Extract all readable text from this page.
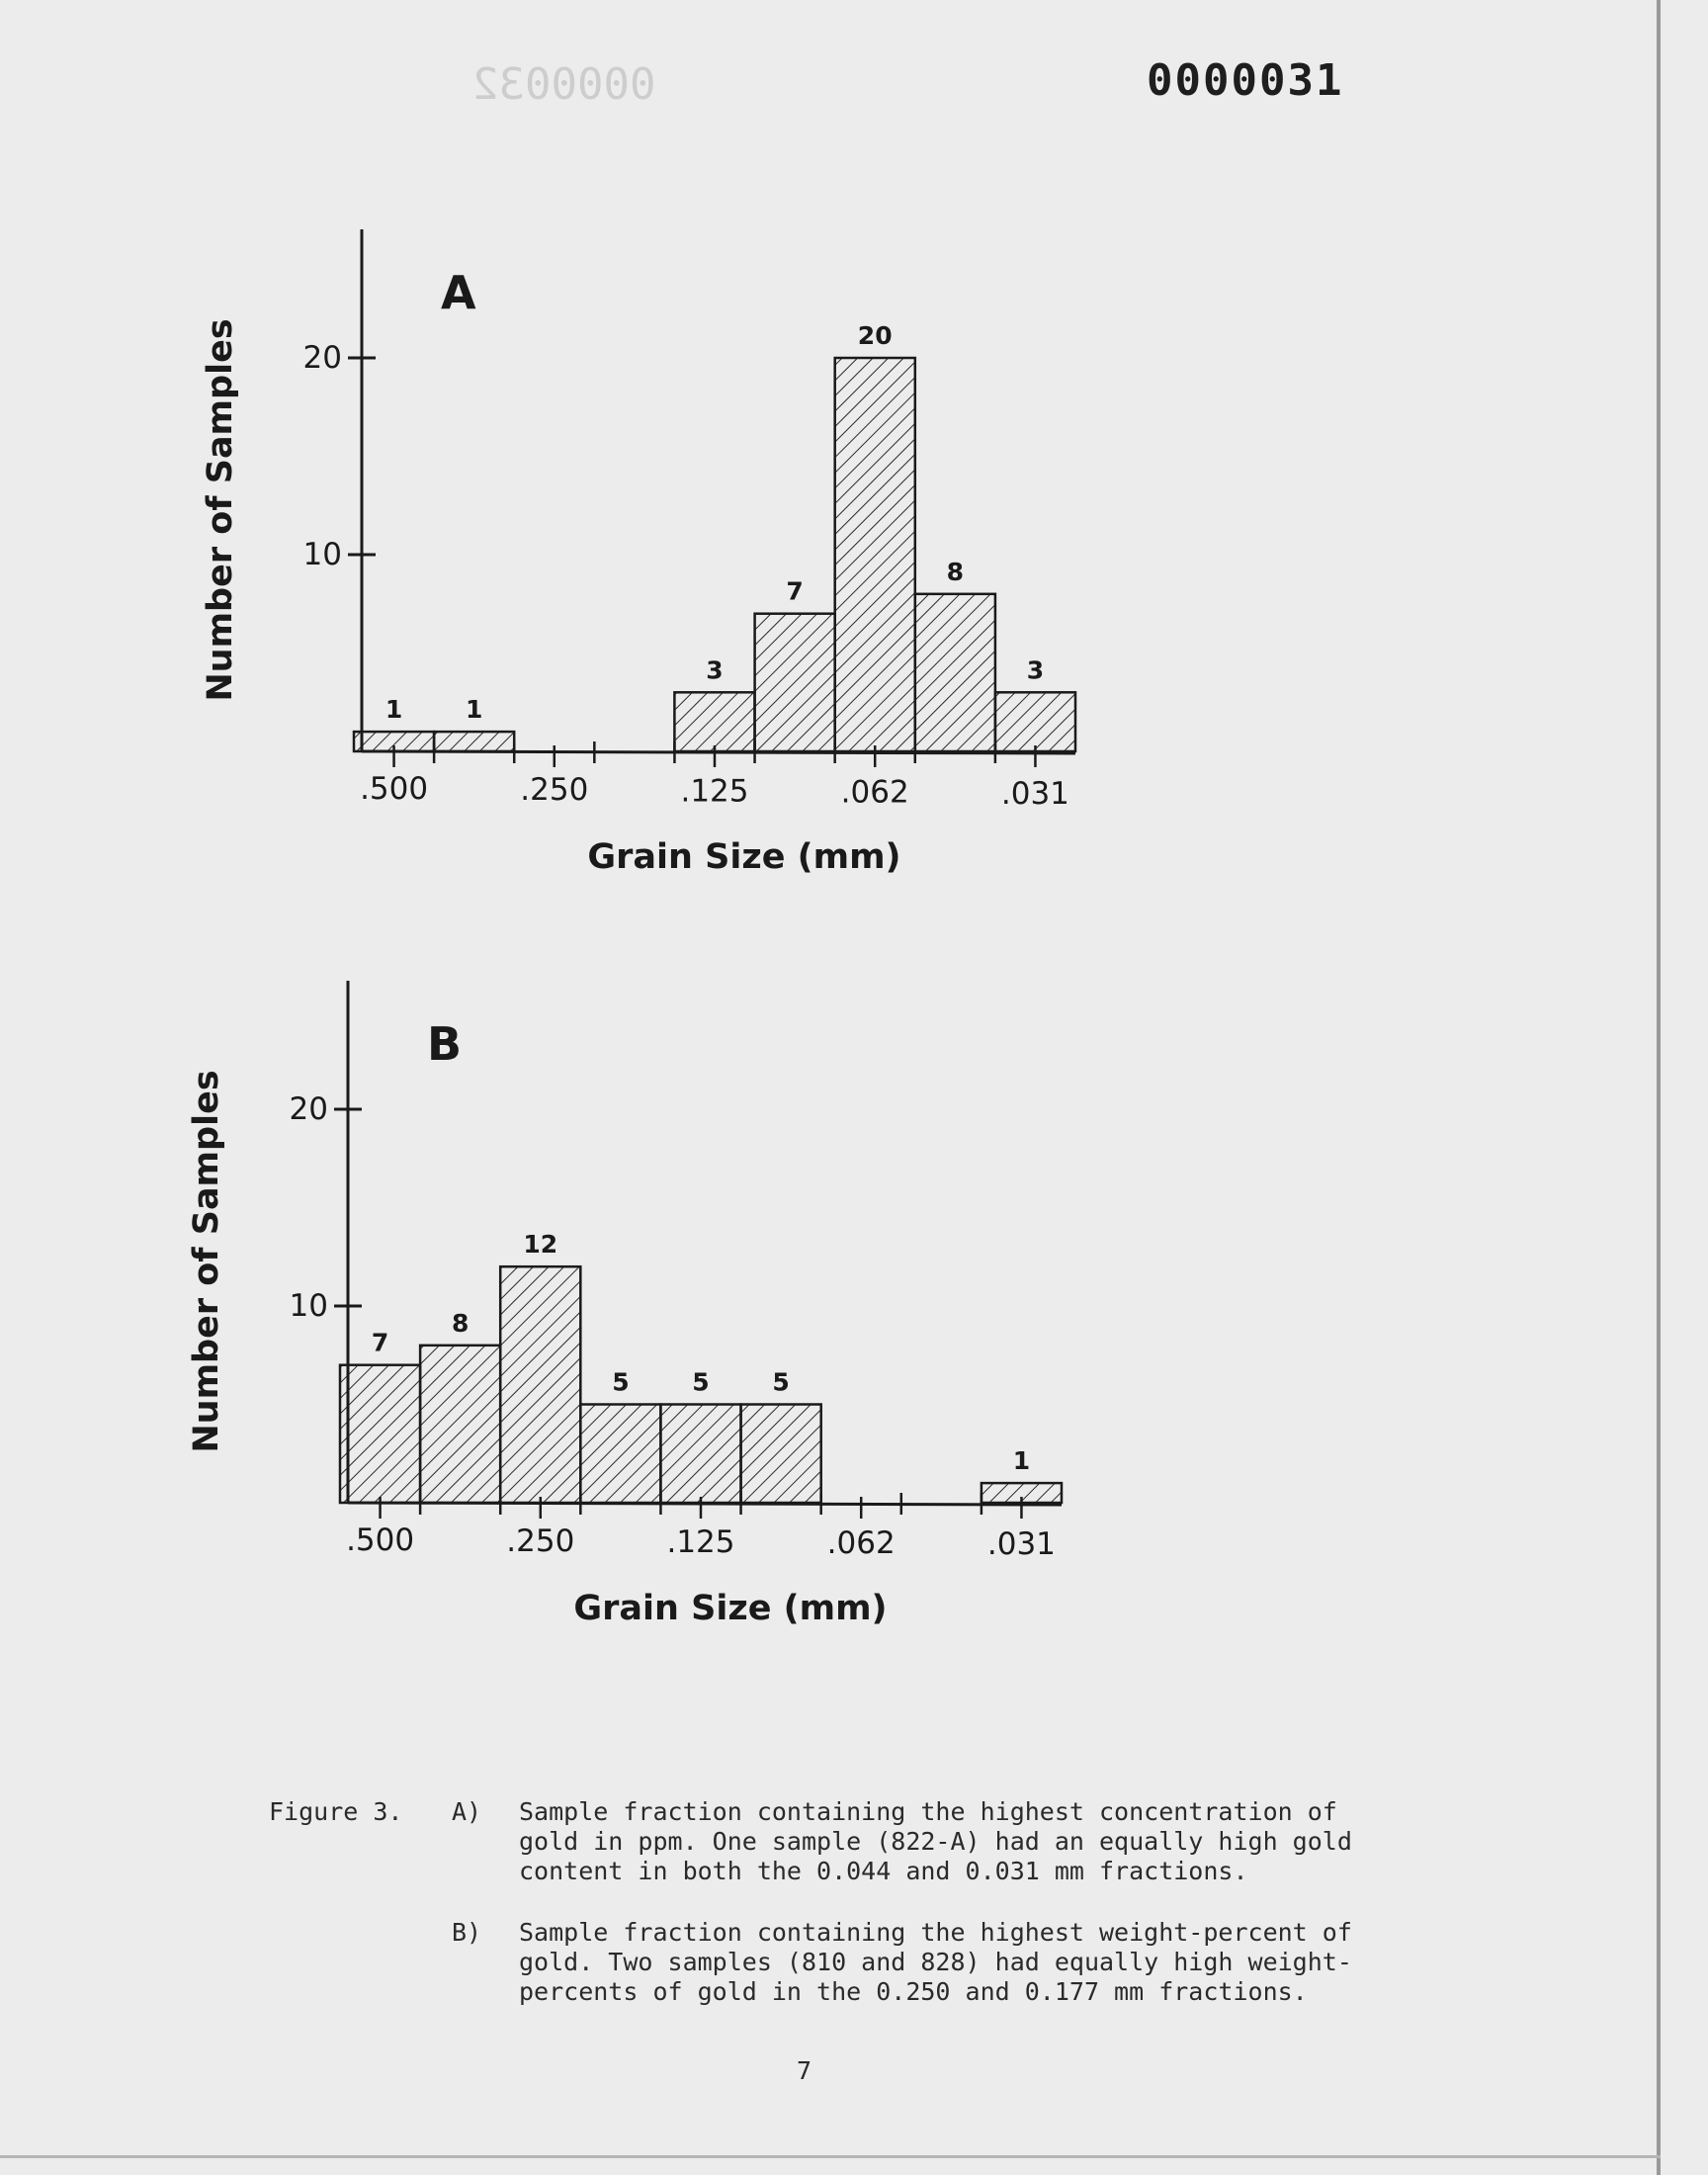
0000032	0000031
1	1
3
7
20
8
3
10
20
.500	.250	.125	.062	.031
A
Grain Size (mm)
Number of Samples
7
8
12
5	5	5
1
10
20
.500	.250	.125	.062	.031
B
Grain Size (mm)
Number of Samples
Figure 3.	A)	Sample fraction containing the highest concentration of
gold in ppm. One sample (822-A) had an equally high gold
content in both the 0.044 and 0.031 mm fractions.
B)	Sample fraction containing the highest weight-percent of
gold. Two samples (810 and 828) had equally high weight-
percents of gold in the 0.250 and 0.177 mm fractions.
7
